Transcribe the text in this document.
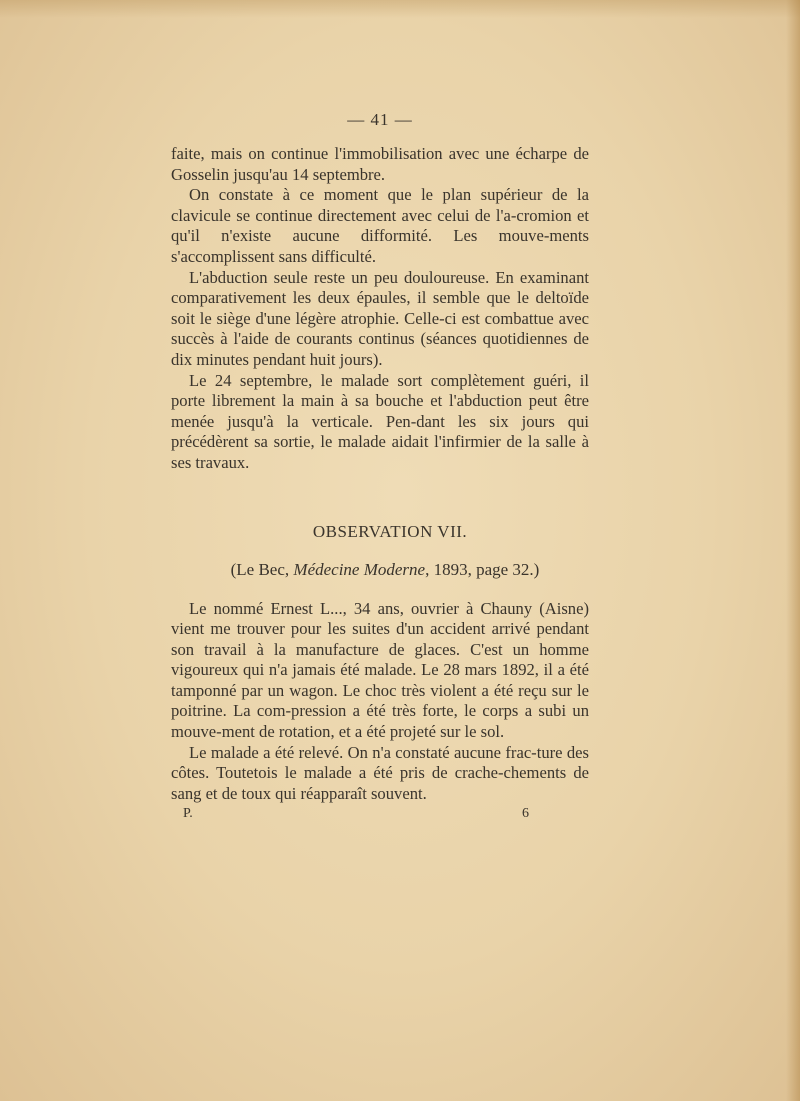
— 41 —

faite, mais on continue l'immobilisation avec une écharpe de Gosselin jusqu'au 14 septembre.

On constate à ce moment que le plan supérieur de la clavicule se continue directement avec celui de l'a-cromion et qu'il n'existe aucune difformité. Les mouve-ments s'accomplissent sans difficulté.

L'abduction seule reste un peu douloureuse. En examinant comparativement les deux épaules, il semble que le deltoïde soit le siège d'une légère atrophie. Celle-ci est combattue avec succès à l'aide de courants continus (séances quotidiennes de dix minutes pendant huit jours).

Le 24 septembre, le malade sort complètement guéri, il porte librement la main à sa bouche et l'abduction peut être menée jusqu'à la verticale. Pen-dant les six jours qui précédèrent sa sortie, le malade aidait l'infirmier de la salle à ses travaux.

OBSERVATION VII.
(Le Bec, Médecine Moderne, 1893, page 32.)

Le nommé Ernest L..., 34 ans, ouvrier à Chauny (Aisne) vient me trouver pour les suites d'un accident arrivé pendant son travail à la manufacture de glaces. C'est un homme vigoureux qui n'a jamais été malade. Le 28 mars 1892, il a été tamponné par un wagon. Le choc très violent a été reçu sur le poitrine. La com-pression a été très forte, le corps a subi un mouve-ment de rotation, et a été projeté sur le sol.

Le malade a été relevé. On n'a constaté aucune frac-ture des côtes. Toutetois le malade a été pris de crache-chements de sang et de toux qui réapparaît souvent.

P.	6
